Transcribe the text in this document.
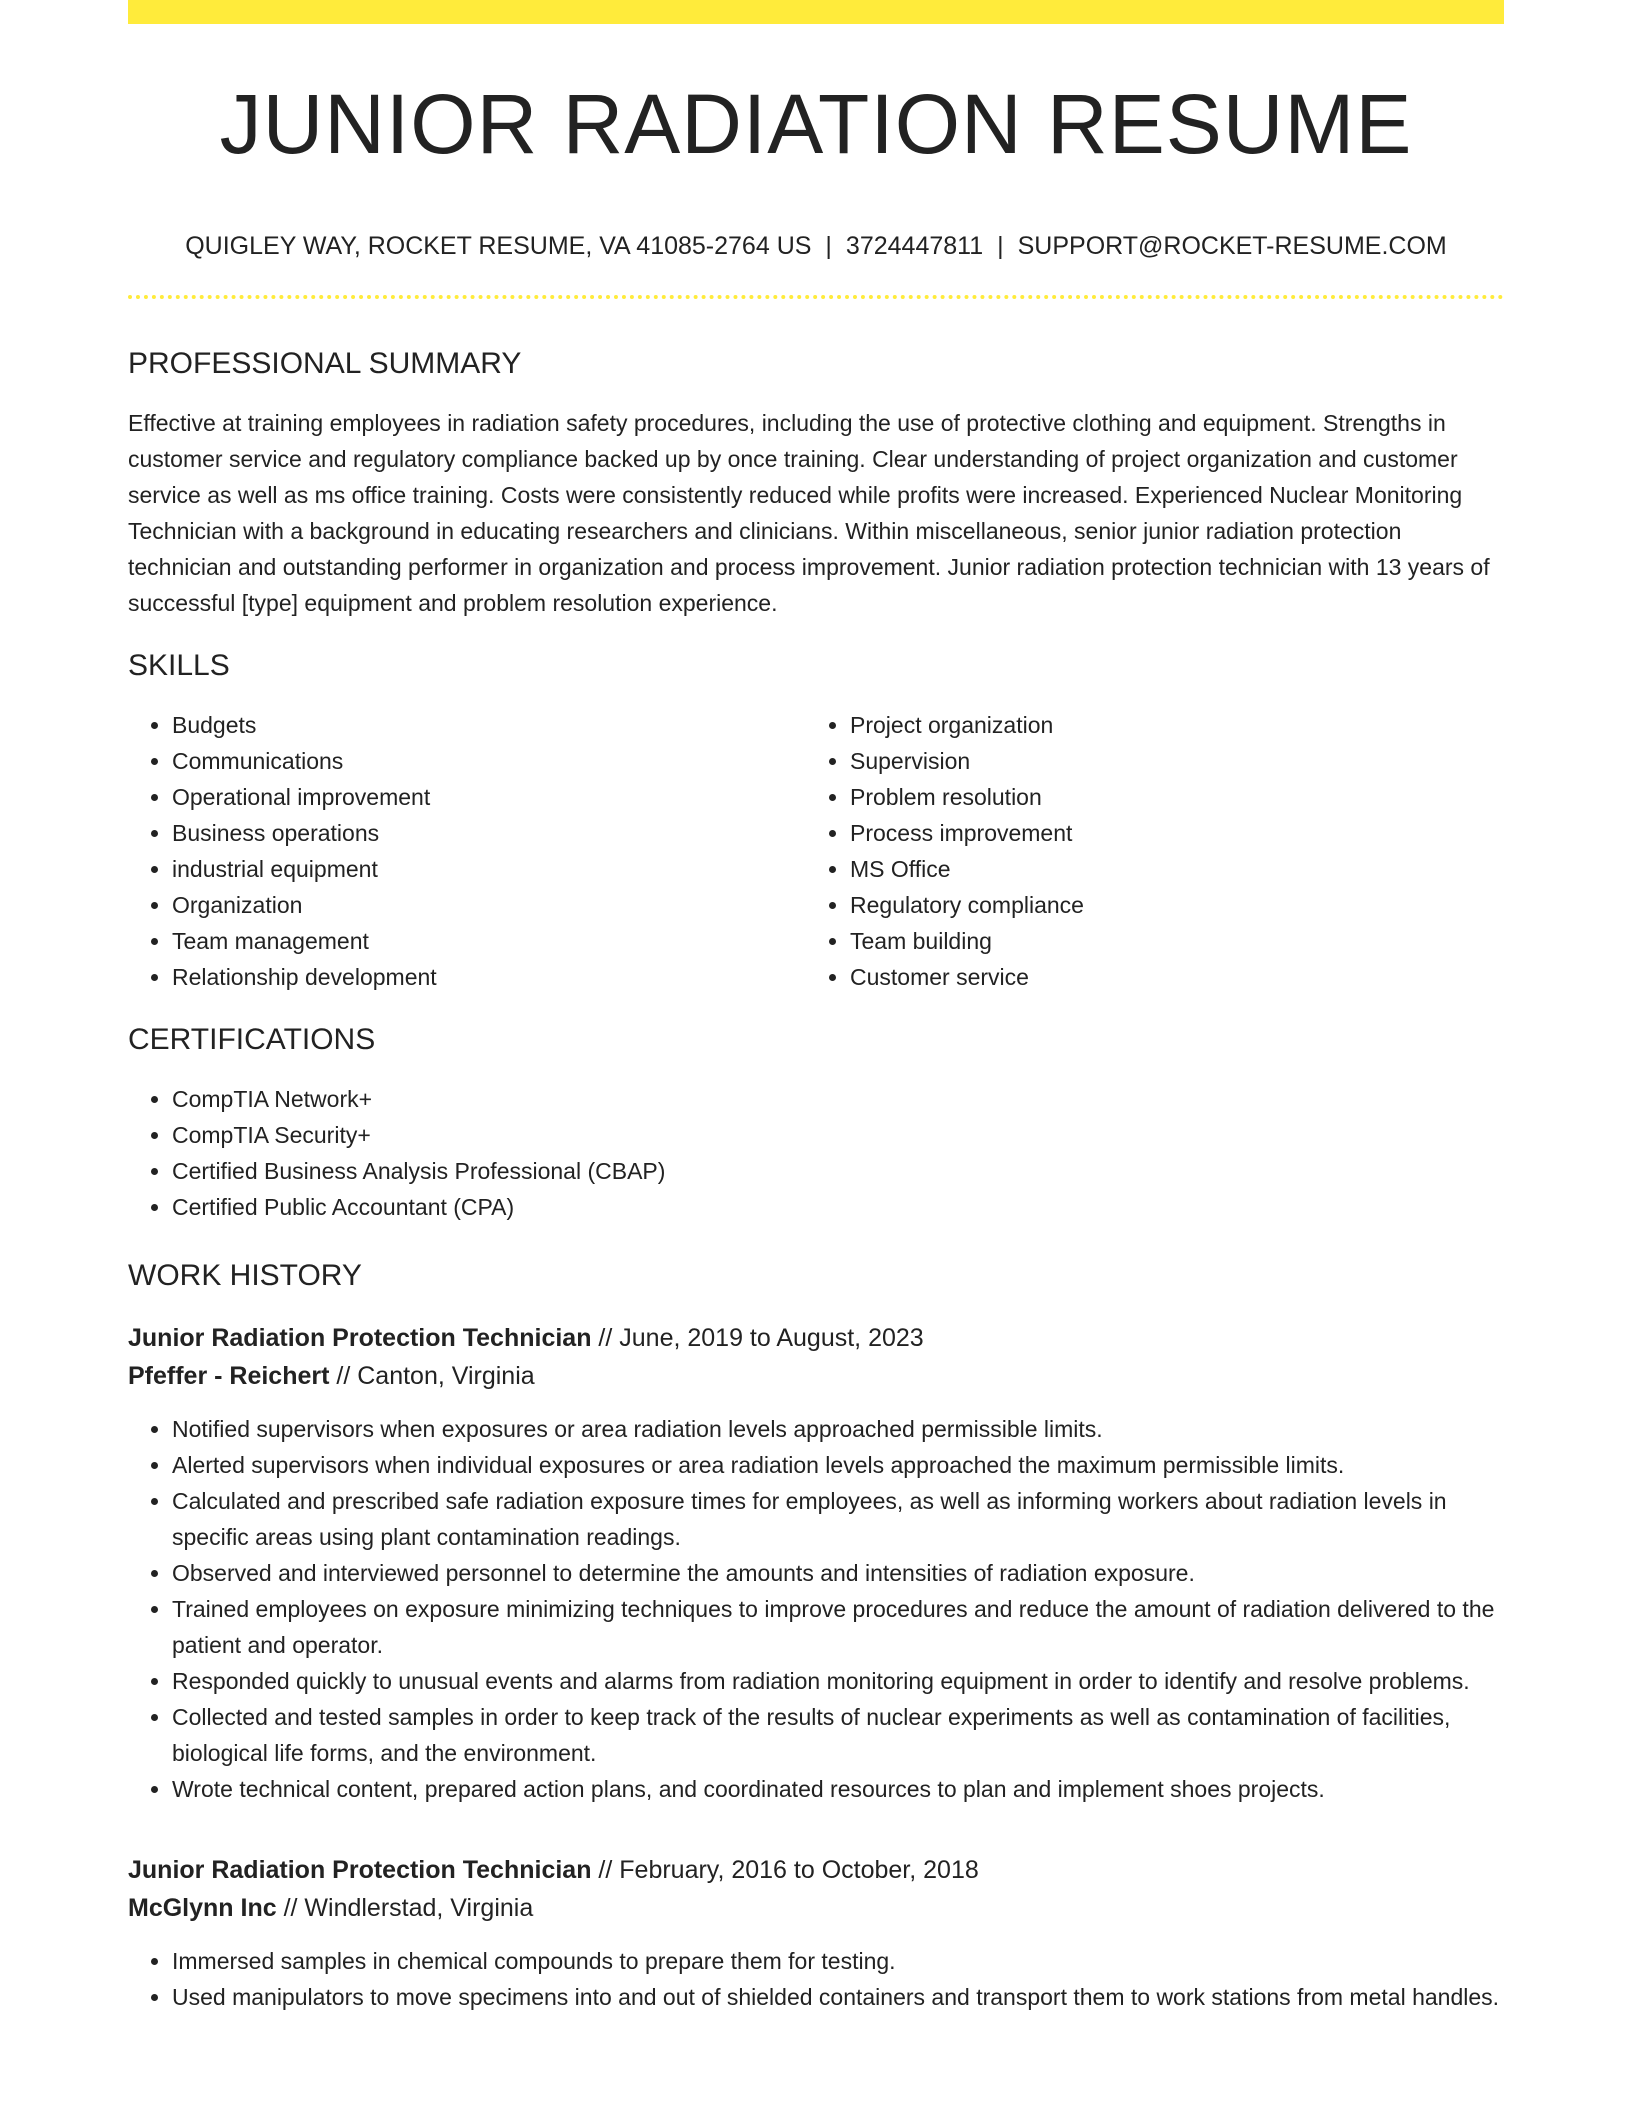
JUNIOR RADIATION RESUME
QUIGLEY WAY, ROCKET RESUME, VA 41085-2764 US | 3724447811 | SUPPORT@ROCKET-RESUME.COM
PROFESSIONAL SUMMARY
Effective at training employees in radiation safety procedures, including the use of protective clothing and equipment. Strengths in customer service and regulatory compliance backed up by once training. Clear understanding of project organization and customer service as well as ms office training. Costs were consistently reduced while profits were increased. Experienced Nuclear Monitoring Technician with a background in educating researchers and clinicians. Within miscellaneous, senior junior radiation protection technician and outstanding performer in organization and process improvement. Junior radiation protection technician with 13 years of successful [type] equipment and problem resolution experience.
SKILLS
• Budgets
• Communications
• Operational improvement
• Business operations
• industrial equipment
• Organization
• Team management
• Relationship development
• Project organization
• Supervision
• Problem resolution
• Process improvement
• MS Office
• Regulatory compliance
• Team building
• Customer service
CERTIFICATIONS
• CompTIA Network+
• CompTIA Security+
• Certified Business Analysis Professional (CBAP)
• Certified Public Accountant (CPA)
WORK HISTORY
Junior Radiation Protection Technician // June, 2019 to August, 2023
Pfeffer - Reichert // Canton, Virginia
• Notified supervisors when exposures or area radiation levels approached permissible limits.
• Alerted supervisors when individual exposures or area radiation levels approached the maximum permissible limits.
• Calculated and prescribed safe radiation exposure times for employees, as well as informing workers about radiation levels in specific areas using plant contamination readings.
• Observed and interviewed personnel to determine the amounts and intensities of radiation exposure.
• Trained employees on exposure minimizing techniques to improve procedures and reduce the amount of radiation delivered to the patient and operator.
• Responded quickly to unusual events and alarms from radiation monitoring equipment in order to identify and resolve problems.
• Collected and tested samples in order to keep track of the results of nuclear experiments as well as contamination of facilities, biological life forms, and the environment.
• Wrote technical content, prepared action plans, and coordinated resources to plan and implement shoes projects.
Junior Radiation Protection Technician // February, 2016 to October, 2018
McGlynn Inc // Windlerstad, Virginia
• Immersed samples in chemical compounds to prepare them for testing.
• Used manipulators to move specimens into and out of shielded containers and transport them to work stations from metal handles.
